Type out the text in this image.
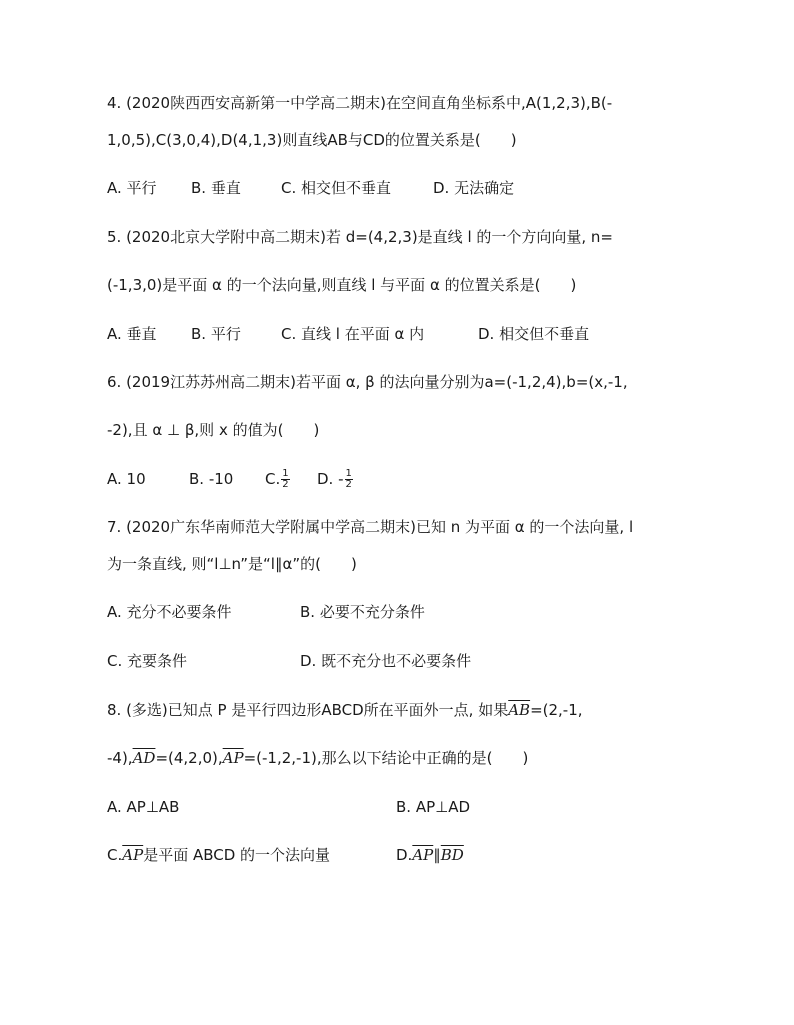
4. (2020陕西西安高新第一中学高二期末)在空间直角坐标系中,A(1,2,3),B(-
1,0,5),C(3,0,4),D(4,1,3)则直线AB与CD的位置关系是( )
A. 平行 B. 垂直	C. 相交但不垂直	D. 无法确定
5. (2020北京大学附中高二期末)若 d=(4,2,3)是直线 l 的一个方向向量, n=
(-1,3,0)是平面 α 的一个法向量,则直线 l 与平面 α 的位置关系是( )
A. 垂直 B. 平行	C. 直线 l 在平面 α 内	D. 相交但不垂直
6. (2019江苏苏州高二期末)若平面 α, β 的法向量分别为a=(-1,2,4),b=(x,-1,
-2),且 α ⊥ β,则 x 的值为( )
A. 10	B. -10 C. $\frac{1}{2} D$. - $\frac{1}{2}$
7. (2020广东华南师范大学附属中学高二期末)已知 n 为平面 α 的一个法向量, l
为一条直线, 则“l⊥n”是“l∥α”的( )
A. 充分不必要条件	B. 必要不充分条件
C. 充要条件	D. 既不充分也不必要条件
8. (多选)已知点 P 是平行四边形ABCD所在平面外一点, 如果$\overline{AB}=(2,-1$,
$-4),\overline{AD}=(4,2,0),\overline{AP}=(-1,2,-1)$,那么以下结论中正确的是( )
A. AP⊥AB	B. AP⊥AD
$C.\overline{AP}$是平面 ABCD 的一个法向量	$D.\overline{AP}\parallel\overline{BD}$
